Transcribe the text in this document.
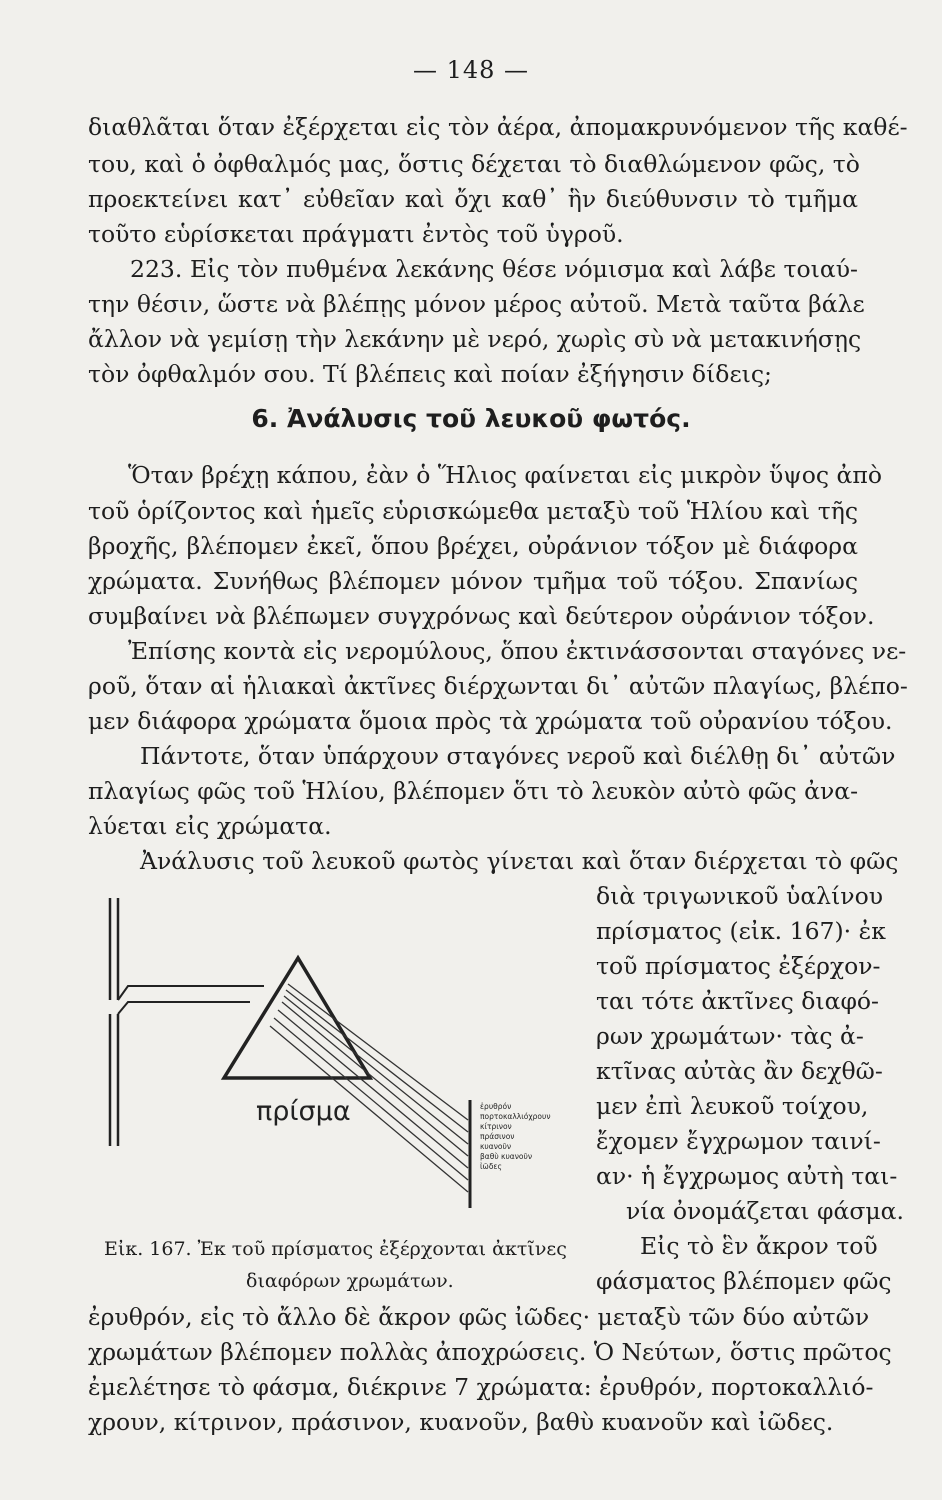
— 148 —
διαθλᾶται ὅταν ἐξέρχεται εἰς τὸν ἀέρα, ἀπομακρυνόμενον τῆς καθέ-
του, καὶ ὁ ὀφθαλμός μας, ὅστις δέχεται τὸ διαθλώμενον φῶς, τὸ
προεκτείνει κατ᾽ εὐθεῖαν καὶ ὄχι καθ᾽ ἣν διεύθυνσιν τὸ τμῆμα
τοῦτο εὑρίσκεται πράγματι ἐντὸς τοῦ ὑγροῦ.
223. Εἰς τὸν πυθμένα λεκάνης θέσε νόμισμα καὶ λάβε τοιαύ-
την θέσιν, ὥστε νὰ βλέπῃς μόνον μέρος αὐτοῦ. Μετὰ ταῦτα βάλε
ἄλλον νὰ γεμίσῃ τὴν λεκάνην μὲ νερό, χωρὶς σὺ νὰ μετακινήσῃς
τὸν ὀφθαλμόν σου. Τί βλέπεις καὶ ποίαν ἐξήγησιν δίδεις;
6. Ἀνάλυσις τοῦ λευκοῦ φωτός.
Ὅταν βρέχῃ κάπου, ἐὰν ὁ Ἥλιος φαίνεται εἰς μικρὸν ὕψος ἀπὸ
τοῦ ὁρίζοντος καὶ ἡμεῖς εὑρισκώμεθα μεταξὺ τοῦ Ἡλίου καὶ τῆς
βροχῆς, βλέπομεν ἐκεῖ, ὅπου βρέχει, οὐράνιον τόξον μὲ διάφορα
χρώματα. Συνήθως βλέπομεν μόνον τμῆμα τοῦ τόξου. Σπανίως
συμβαίνει νὰ βλέπωμεν συγχρόνως καὶ δεύτερον οὐράνιον τόξον.
Ἐπίσης κοντὰ εἰς νερομύλους, ὅπου ἐκτινάσσονται σταγόνες νε-
ροῦ, ὅταν αἱ ἡλιακαὶ ἀκτῖνες διέρχωνται δι᾽ αὐτῶν πλαγίως, βλέπο-
μεν διάφορα χρώματα ὅμοια πρὸς τὰ χρώματα τοῦ οὐρανίου τόξου.
Πάντοτε, ὅταν ὑπάρχουν σταγόνες νεροῦ καὶ διέλθῃ δι᾽ αὐτῶν
πλαγίως φῶς τοῦ Ἡλίου, βλέπομεν ὅτι τὸ λευκὸν αὐτὸ φῶς ἀνα-
λύεται εἰς χρώματα.
Ἀνάλυσις τοῦ λευκοῦ φωτὸς γίνεται καὶ ὅταν διέρχεται τὸ φῶς
διὰ τριγωνικοῦ ὑαλίνου
πρίσματος (εἰκ. 167)· ἐκ
τοῦ πρίσματος ἐξέρχον-
ται τότε ἀκτῖνες διαφό-
ρων χρωμάτων· τὰς ἀ-
κτῖνας αὐτὰς ἂν δεχθῶ-
μεν ἐπὶ λευκοῦ τοίχου,
ἔχομεν ἔγχρωμον ταινί-
αν· ἡ ἔγχρωμος αὐτὴ ται-
νία ὀνομάζεται φάσμα.
Εἰς τὸ ἓν ἄκρον τοῦ
φάσματος βλέπομεν φῶς
πρίσμα	ἐρυθρόν
πορτοκαλλιόχρουν
κίτρινον
πράσινον
κυανοῦν
βαθὺ κυανοῦν
ἰῶδες
Εἰκ. 167. Ἐκ τοῦ πρίσματος ἐξέρχονται ἀκτῖνες
διαφόρων χρωμάτων.
ἐρυθρόν, εἰς τὸ ἄλλο δὲ ἄκρον φῶς ἰῶδες· μεταξὺ τῶν δύο αὐτῶν
χρωμάτων βλέπομεν πολλὰς ἀποχρώσεις. Ὁ Νεύτων, ὅστις πρῶτος
ἐμελέτησε τὸ φάσμα, διέκρινε 7 χρώματα: ἐρυθρόν, πορτοκαλλιό-
χρουν, κίτρινον, πράσινον, κυανοῦν, βαθὺ κυανοῦν καὶ ἰῶδες.
